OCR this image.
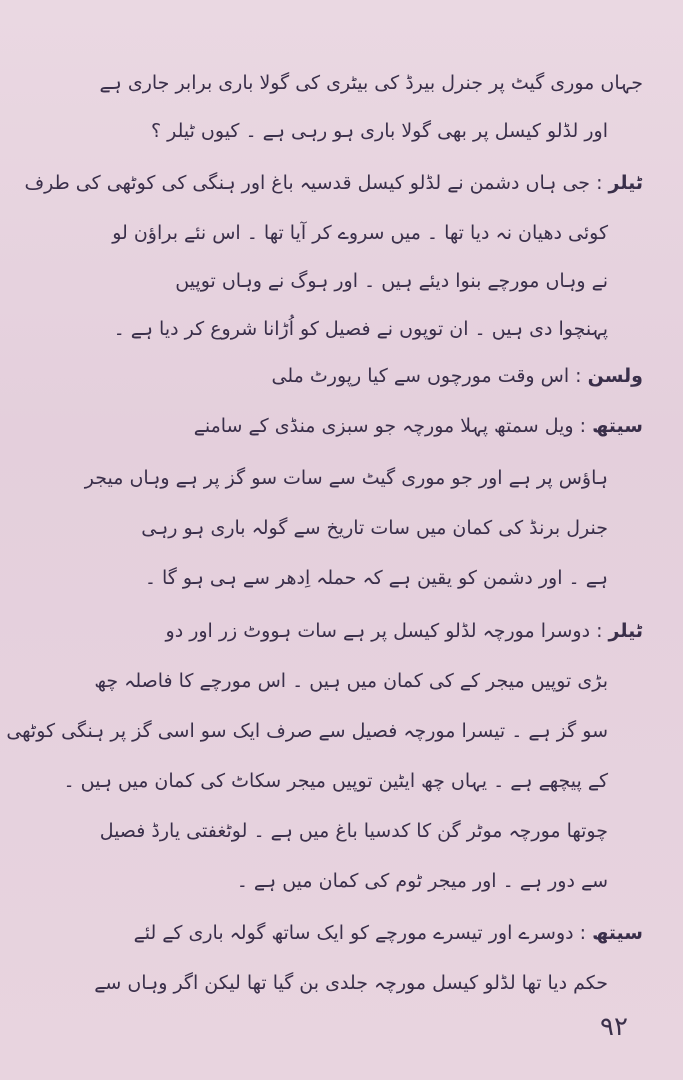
جہاں موری گیٹ پر جنرل بیرڈ کی بیٹری کی گولا باری برابر جاری ہے
اور لڈلو کیسل پر بھی گولا باری ہو رہی ہے ۔ کیوں ٹیلر ؟
ٹیلر : جی ہاں دشمن نے لڈلو کیسل قدسیہ باغ اور ہنگی کی کوٹھی کی طرف
کوئی دھیان نہ دیا تھا ۔ میں سروے کر آیا تھا ۔ اس نئے براؤن لو
نے وہاں مورچے بنوا دیئے ہیں ۔ اور ہوگ نے وہاں توپیں
پہنچوا دی ہیں ۔ ان توپوں نے فصیل کو اُڑانا شروع کر دیا ہے ۔
ولسن : اس وقت مورچوں سے کیا رپورٹ ملی
سیتھ : ویل سمتھ پہلا مورچہ جو سبزی منڈی کے سامنے
ہاؤس پر ہے اور جو موری گیٹ سے سات سو گز پر ہے وہاں میجر
جنرل برنڈ کی کمان میں سات تاریخ سے گولہ باری ہو رہی
ہے ۔ اور دشمن کو یقین ہے کہ حملہ اِدھر سے ہی ہو گا ۔
ٹیلر : دوسرا مورچہ لڈلو کیسل پر ہے سات ہووٹ زر اور دو
بڑی توپیں میجر کے کی کمان میں ہیں ۔ اس مورچے کا فاصلہ چھ
سو گز ہے ۔ تیسرا مورچہ فصیل سے صرف ایک سو اسی گز پر ہنگی کوٹھی
کے پیچھے ہے ۔ یہاں چھ ایٹین توپیں میجر سکاٹ کی کمان میں ہیں ۔
چوتھا مورچہ موٹر گن کا کدسیا باغ میں ہے ۔ لوٹغفتی یارڈ فصیل
سے دور ہے ۔ اور میجر ٹوم کی کمان میں ہے ۔
سیتھ : دوسرے اور تیسرے مورچے کو ایک ساتھ گولہ باری کے لئے
حکم دیا تھا لڈلو کیسل مورچہ جلدی بن گیا تھا لیکن اگر وہاں سے
۹۲
